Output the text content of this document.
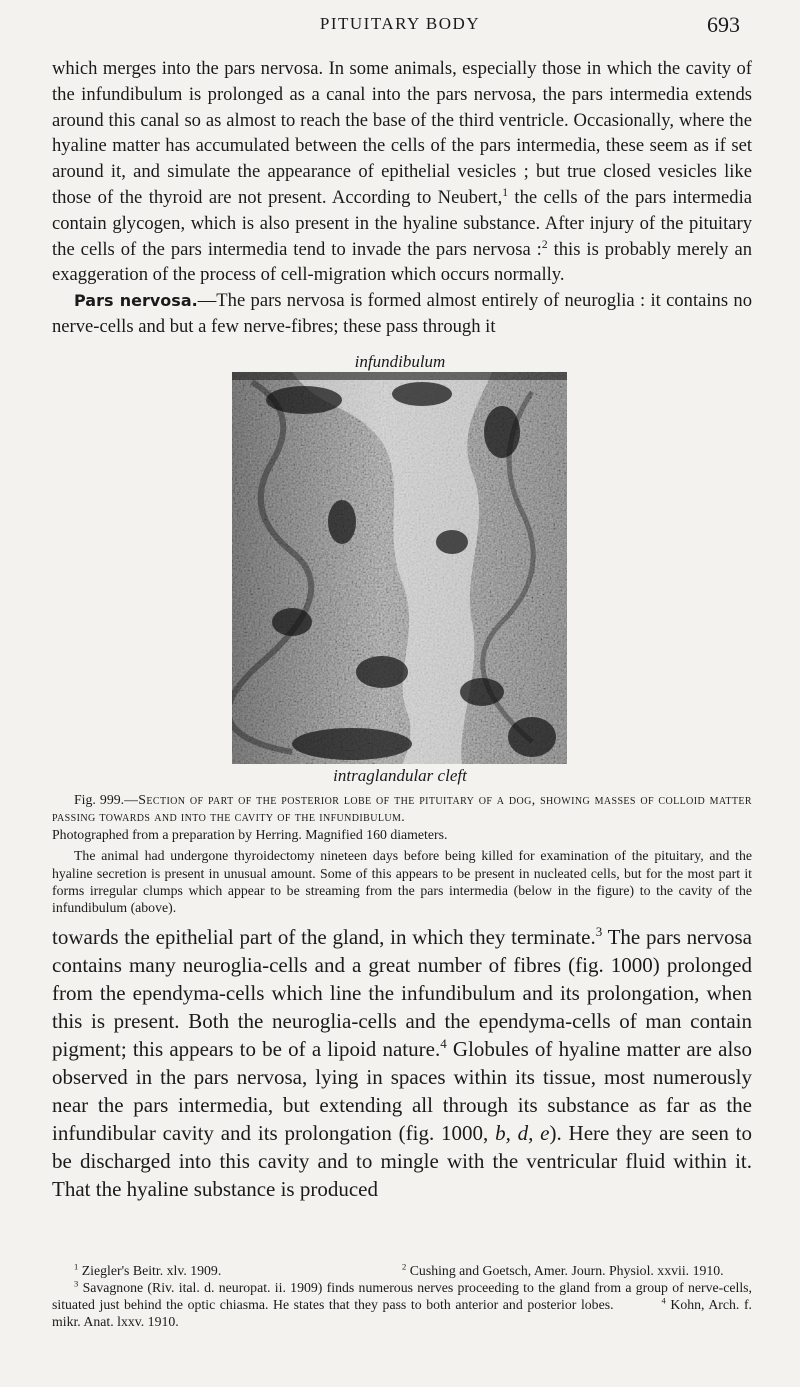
PITUITARY BODY	693

which merges into the pars nervosa. In some animals, especially those in which the cavity of the infundibulum is prolonged as a canal into the pars nervosa, the pars intermedia extends around this canal so as almost to reach the base of the third ventricle. Occasionally, where the hyaline matter has accumulated between the cells of the pars intermedia, these seem as if set around it, and simulate the appearance of epithelial vesicles ; but true closed vesicles like those of the thyroid are not present. According to Neubert,$^1$ the cells of the pars intermedia contain glycogen, which is also present in the hyaline substance. After injury of the pituitary the cells of the pars intermedia tend to invade the pars nervosa :$^2$ this is probably merely an exaggeration of the process of cell-migration which occurs normally.

Pars nervosa.—The pars nervosa is formed almost entirely of neuroglia : it contains no nerve-cells and but a few nerve-fibres; these pass through it

infundibulum
intraglandular cleft

Fig. 999.—Section of part of the posterior lobe of the pituitary of a dog, showing masses of colloid matter passing towards and into the cavity of the infundibulum.

Photographed from a preparation by Herring. Magnified 160 diameters.

The animal had undergone thyroidectomy nineteen days before being killed for examination of the pituitary, and the hyaline secretion is present in unusual amount. Some of this appears to be present in nucleated cells, but for the most part it forms irregular clumps which appear to be streaming from the pars intermedia (below in the figure) to the cavity of the infundibulum (above).

towards the epithelial part of the gland, in which they terminate.$^3$ The pars nervosa contains many neuroglia-cells and a great number of fibres (fig. 1000) prolonged from the ependyma-cells which line the infundibulum and its prolongation, when this is present. Both the neuroglia-cells and the ependyma-cells of man contain pigment; this appears to be of a lipoid nature.$^4$ Globules of hyaline matter are also observed in the pars nervosa, lying in spaces within its tissue, most numerously near the pars intermedia, but extending all through its substance as far as the infundibular cavity and its prolongation (fig. 1000, b, d, e). Here they are seen to be discharged into this cavity and to mingle with the ventricular fluid within it. That the hyaline substance is produced

$^1$ Ziegler's Beitr. xlv. 1909.	$^2$ Cushing and Goetsch, Amer. Journ. Physiol. xxvii. 1910.

$^3$ Savagnone (Riv. ital. d. neuropat. ii. 1909) finds numerous nerves proceeding to the gland from a group of nerve-cells, situated just behind the optic chiasma. He states that they pass to both anterior and posterior lobes.	$^4$ Kohn, Arch. f. mikr. Anat. lxxv. 1910.
